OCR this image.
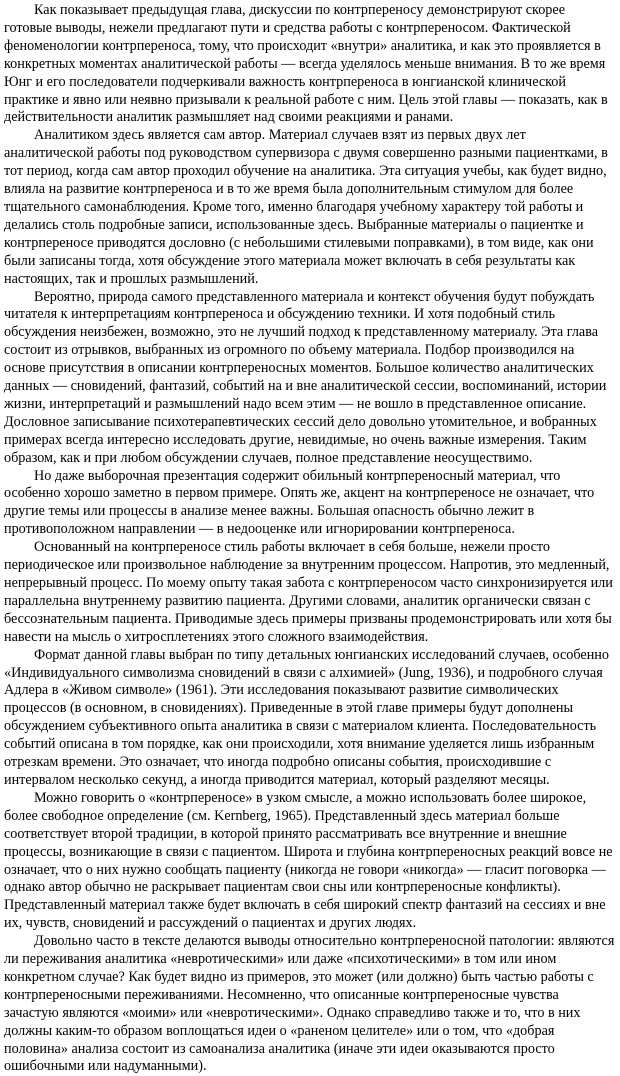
Как показывает предыдущая глава, дискуссии по контрпереносу демонстрируют скорее готовые выводы, нежели предлагают пути и средства работы с контрпереносом. Фактической феноменологии контрпереноса, тому, что происходит «внутри» аналитика, и как это проявляется в конкретных моментах аналитической работы — всегда уделялось меньше внимания. В то же время Юнг и его последователи подчеркивали важность контрпереноса в юнгианской клинической практике и явно или неявно призывали к реальной работе с ним. Цель этой главы — показать, как в действительности аналитик размышляет над своими реакциями и ранами.

Аналитиком здесь является сам автор. Материал случаев взят из первых двух лет аналитической работы под руководством супервизора с двумя совершенно разными пациентками, в тот период, когда сам автор проходил обучение на аналитика. Эта ситуация учебы, как будет видно, влияла на развитие контрпереноса и в то же время была дополнительным стимулом для более тщательного самонаблюдения. Кроме того, именно благодаря учебному характеру той работы и делались столь подробные записи, использованные здесь. Выбранные материалы о пациентке и контрпереносе приводятся дословно (с небольшими стилевыми поправками), в том виде, как они были записаны тогда, хотя обсуждение этого материала может включать в себя результаты как настоящих, так и прошлых размышлений.

Вероятно, природа самого представленного материала и контекст обучения будут побуждать читателя к интерпретациям контрпереноса и обсуждению техники. И хотя подобный стиль обсуждения неизбежен, возможно, это не лучший подход к представленному материалу. Эта глава состоит из отрывков, выбранных из огромного по объему материала. Подбор производился на основе присутствия в описании контрпереносных моментов. Большое количество аналитических данных — сновидений, фантазий, событий на и вне аналитической сессии, воспоминаний, истории жизни, интерпретаций и размышлений надо всем этим — не вошло в представленное описание. Дословное записывание психотерапевтических сессий дело довольно утомительное, и вобранных примерах всегда интересно исследовать другие, невидимые, но очень важные измерения. Таким образом, как и при любом обсуждении случаев, полное представление неосуществимо.

Но даже выборочная презентация содержит обильный контрпереносный материал, что особенно хорошо заметно в первом примере. Опять же, акцент на контрпереносе не означает, что другие темы или процессы в анализе менее важны. Большая опасность обычно лежит в противоположном направлении — в недооценке или игнорировании контрпереноса.

Основанный на контрпереносе стиль работы включает в себя больше, нежели просто периодическое или произвольное наблюдение за внутренним процессом. Напротив, это медленный, непрерывный процесс. По моему опыту такая забота с контрпереносом часто синхронизируется или параллельна внутреннему развитию пациента. Другими словами, аналитик органически связан с бессознательным пациента. Приводимые здесь примеры призваны продемонстрировать или хотя бы навести на мысль о хитросплетениях этого сложного взаимодействия.

Формат данной главы выбран по типу детальных юнгианских исследований случаев, особенно «Индивидуального символизма сновидений в связи с алхимией» (Jung, 1936), и подробного случая Адлера в «Живом символе» (1961). Эти исследования показывают развитие символических процессов (в основном, в сновидениях). Приведенные в этой главе примеры будут дополнены обсуждением субъективного опыта аналитика в связи с материалом клиента. Последовательность событий описана в том порядке, как они происходили, хотя внимание уделяется лишь избранным отрезкам времени. Это означает, что иногда подробно описаны события, происходившие с интервалом несколько секунд, а иногда приводится материал, который разделяют месяцы.

Можно говорить о «контрпереносе» в узком смысле, а можно использовать более широкое, более свободное определение (см. Kernberg, 1965). Представленный здесь материал больше соответствует второй традиции, в которой принято рассматривать все внутренние и внешние процессы, возникающие в связи с пациентом. Широта и глубина контрпереносных реакций вовсе не означает, что о них нужно сообщать пациенту (никогда не говори «никогда» — гласит поговорка — однако автор обычно не раскрывает пациентам свои сны или контрпереносные конфликты). Представленный материал также будет включать в себя широкий спектр фантазий на сессиях и вне их, чувств, сновидений и рассуждений о пациентах и других людях.

Довольно часто в тексте делаются выводы относительно контрпереносной патологии: являются ли переживания аналитика «невротическими» или даже «психотическими» в том или ином конкретном случае? Как будет видно из примеров, это может (или должно) быть частью работы с контрпереносными переживаниями. Несомненно, что описанные контрпереносные чувства зачастую являются «моими» или «невротическими». Однако справедливо также и то, что в них должны каким-то образом воплощаться идеи о «раненом целителе» или о том, что «добрая половина» анализа состоит из самоанализа аналитика (иначе эти идеи оказываются просто ошибочными или надуманными).
